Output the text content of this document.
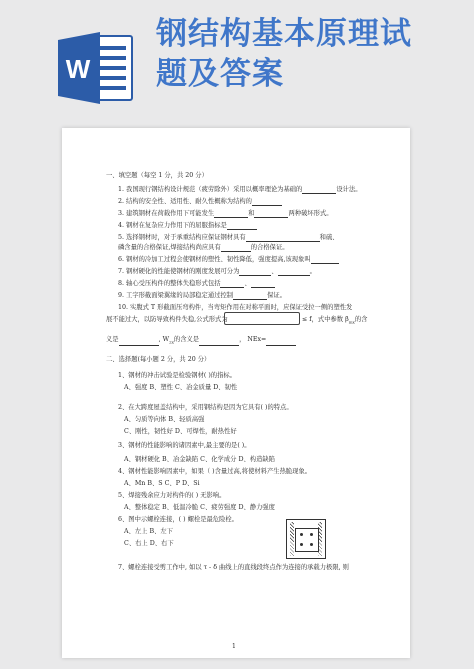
W
钢结构基本原理试
题及答案
一、填空题（每空 1 分，共 20 分）
1. 我国现行钢结构设计规范（疲劳除外）采用以概率理论为基础的	设计法。
2. 结构的安全性、适用性、耐久性概称为结构的
3. 建筑钢材在荷载作用下可能发生	和	两种破坏形式。
4. 钢材在复杂应力作用下的屈服指标是
5. 选择钢材时，对于承重结构应保证钢材具有	和硫、
磷含量的合格保证,焊接结构尚应具有	的合格保证。
6. 钢材的冷加工过程会使钢材的塑性、韧性降低，强度提高,该现象叫
7. 钢材硬化的性能使钢材的刚度发展可分为	、	。
8. 轴心受压构件的整体失稳形式包括	、
9. 工字形截面梁翼缘的局部稳定通过控制	保证。
10. 实腹式 T 形截面压弯构件，当弯矩作用在对称平面时，应保证受拉一侧的塑性发
展不能过大，以防导致构件失稳,公式形式为	≤ f，式中参数 $\beta_{mx}$的含
义是	, $W_{2x}$的含义是	， NEx=
二、选择题(每小题 2 分，共 20 分）
1、钢材的冲击试验是检验钢材( )的指标。
A、强度 B、塑性 C、冶金质量 D、韧性
2、在大跨度屋盖结构中，采用钢结构是因为它具有( )的特点。
A、匀质等向体 B、轻质高强
C、刚性，韧性好 D、可焊性，耐热性好
3、钢材的性能影响的诸因素中,最主要的是( )。
A、钢材硬化 B、冶金缺陷 C、化学成分 D、构造缺陷
4、钢材性能影响因素中，如果（ )含量过高,将使材料产生热脆现象。
A、Mn B、S C、P D、Si
5、焊接残余应力对构件的( ) 无影响。
A、整体稳定 B、低温冷脆 C、疲劳强度 D、静力强度
6、图中示螺栓连接，( ) 螺栓是最危险栓。
A、左上 B、左下
C、右上 D、右下
7、螺栓连接受剪工作中, 如以 τ - δ 曲线上的直线段终点作为连接的承载力极限, 则
1
